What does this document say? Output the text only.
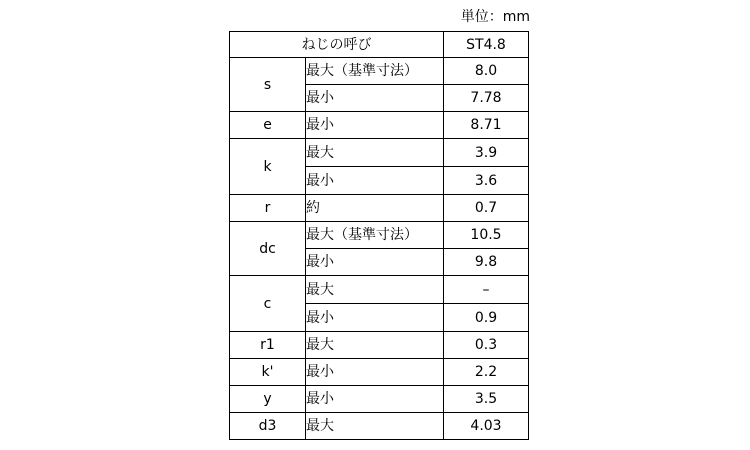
単位：mm
ねじの呼び		ST4.8
s	最大（基準寸法）	8.0
	最小	7.78
e	最小	8.71
k	最大	3.9
	最小	3.6
r	約	0.7
dc	最大（基準寸法）	10.5
	最小	9.8
c	最大	–
	最小	0.9
r1	最大	0.3
k'	最小	2.2
y	最小	3.5
d3	最大	4.03
